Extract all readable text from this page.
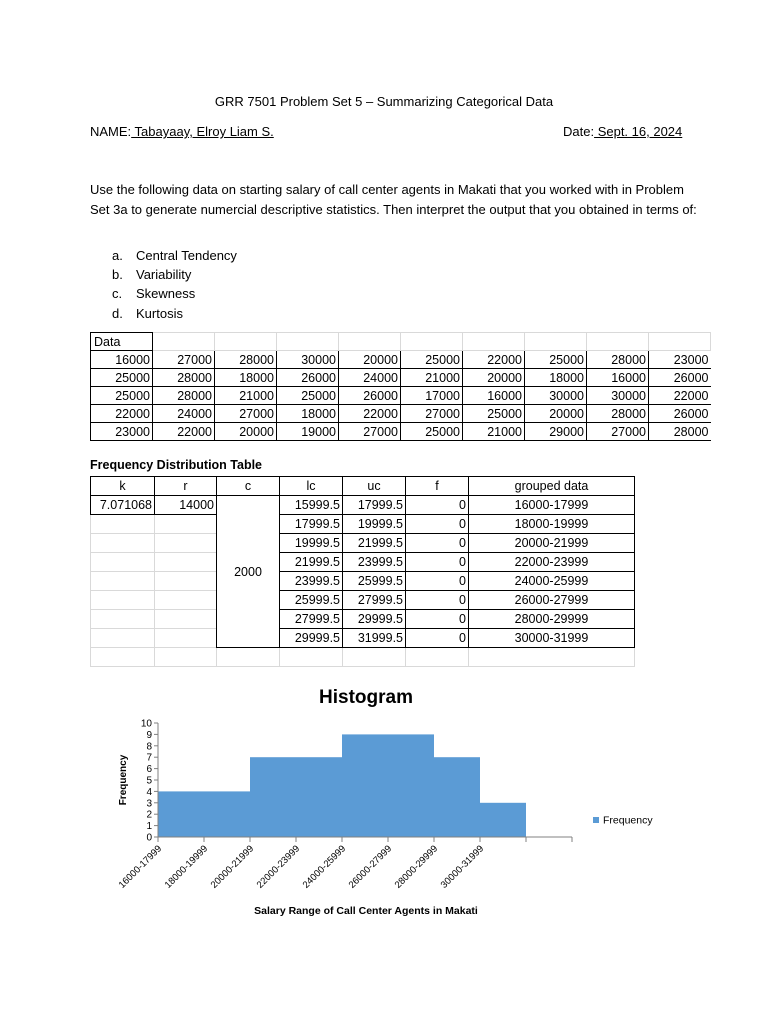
GRR 7501 Problem Set 5 – Summarizing Categorical Data
NAME: Tabayaay, Elroy Liam S.	Date: Sept. 16, 2024
Use the following data on starting salary of call center agents in Makati that you worked with in Problem Set 3a to generate numercial descriptive statistics. Then interpret the output that you obtained in terms of:
a.	Central Tendency
b.	Variability
c.	Skewness
d.	Kurtosis
Data									
16000	27000	28000	30000	20000	25000	22000	25000	28000	23000
25000	28000	18000	26000	24000	21000	20000	18000	16000	26000
25000	28000	21000	25000	26000	17000	16000	30000	30000	22000
22000	24000	27000	18000	22000	27000	25000	20000	28000	26000
23000	22000	20000	19000	27000	25000	21000	29000	27000	28000
Frequency Distribution Table
k	r	c	lc	uc	f	grouped data
7.071068	14000	2000	15999.5	17999.5	0	16000-17999
			17999.5	19999.5	0	18000-19999
			19999.5	21999.5	0	20000-21999
			21999.5	23999.5	0	22000-23999
			23999.5	25999.5	0	24000-25999
			25999.5	27999.5	0	26000-27999
			27999.5	29999.5	0	28000-29999
			29999.5	31999.5	0	30000-31999

Histogram
0
1
2
3
4
5
6
7
8
9
10
16000-17999
18000-19999
20000-21999
22000-23999
24000-25999
26000-27999
28000-29999
30000-31999
Frequency
Salary Range of Call Center Agents in Makati
Frequency
